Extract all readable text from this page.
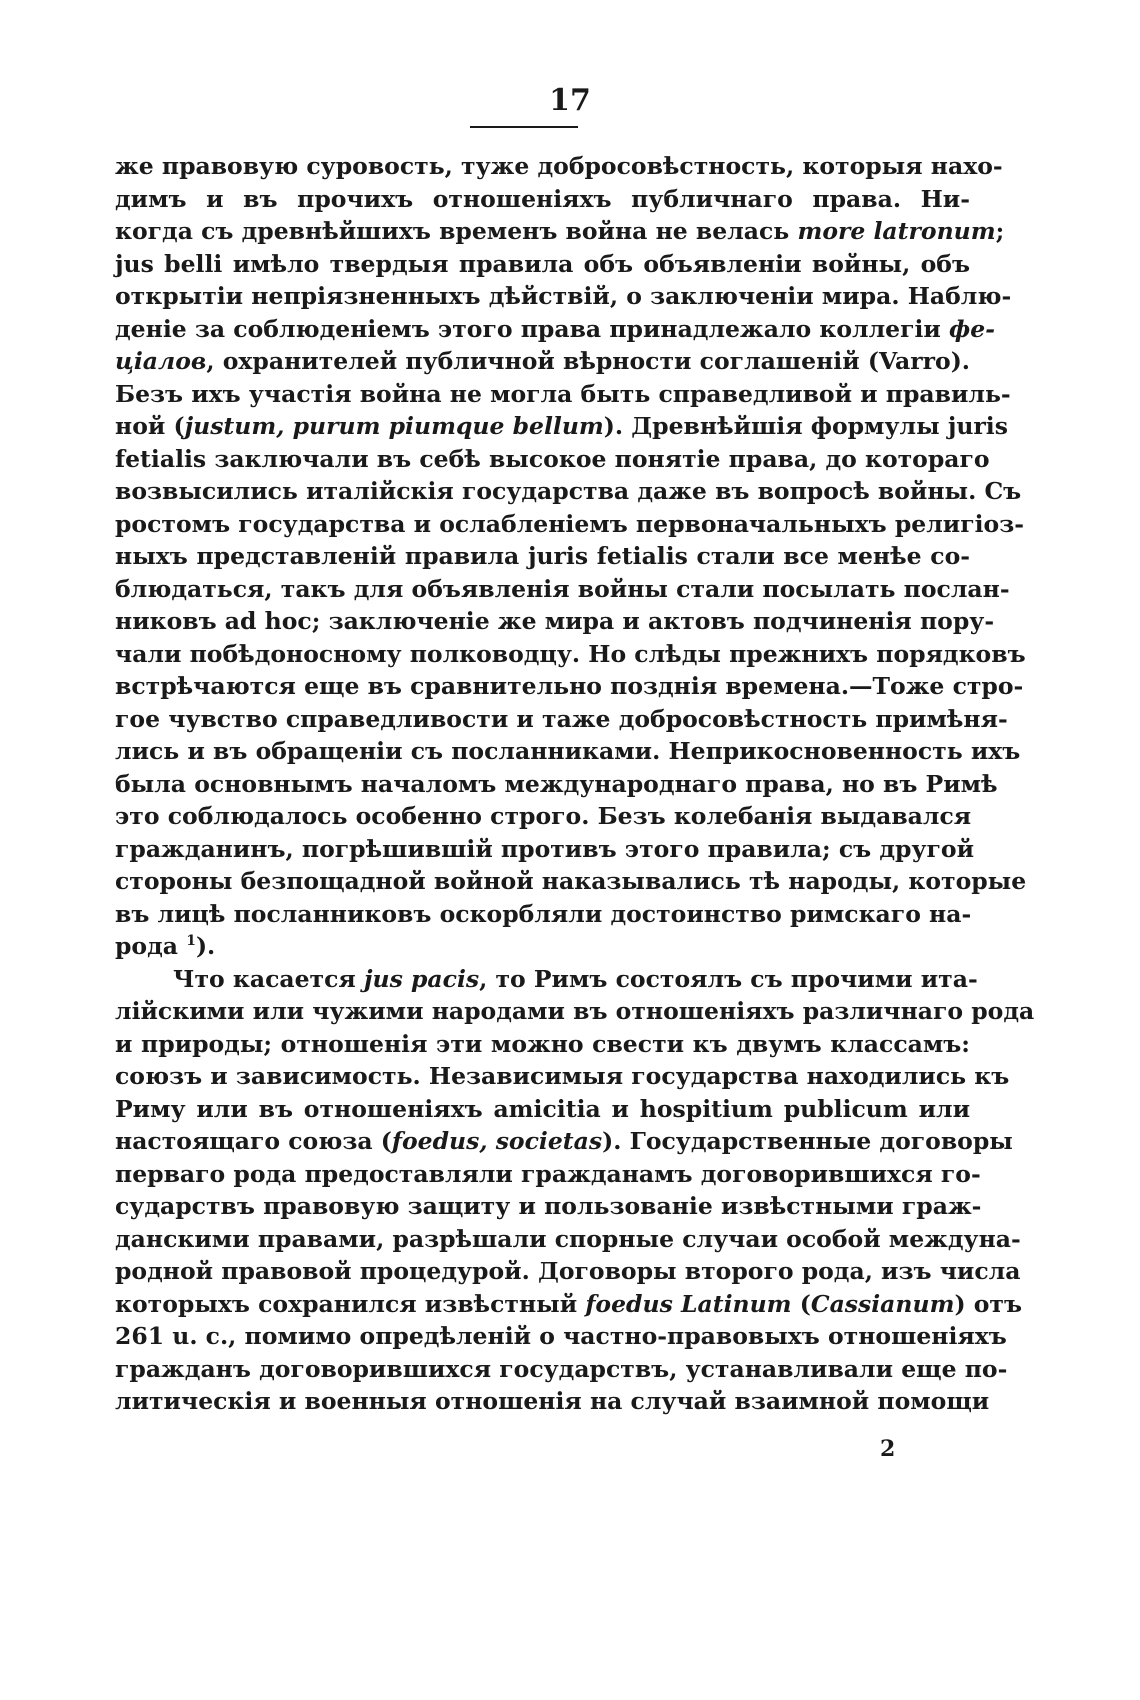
17
же правовую суровость, тужe добросовѣстность, которыя нахо-
димъ и въ прочихъ отношеніяхъ публичнаго права. Ни-
когда съ древнѣйшихъ временъ война не велась more latronum;
jus belli имѣло твердыя правила объ объявленіи войны, объ
открытіи непріязненныхъ дѣйствій, о заключеніи мира. Наблю-
деніе за соблюденіемъ этого права принадлежало коллегіи фе-
ціалов, охранителей публичной вѣрности соглашеній (Varro).
Безъ ихъ участія война не могла быть справедливой и правиль-
ной (justum, purum piumque bellum). Древнѣйшія формулы juris
fetialis заключали въ себѣ высокое понятіе права, до котораго
возвысились италійскія государства даже въ вопросѣ войны. Съ
ростомъ государства и ослабленіемъ первоначальныхъ религіоз-
ныхъ представленій правила juris fetialis стали все менѣе со-
блюдаться, такъ для объявленія войны стали посылать послан-
никовъ ad hoc; заключеніе же мира и актовъ подчиненія пору-
чали побѣдоносному полководцу. Но слѣды прежнихъ порядковъ
встрѣчаются еще въ сравнительно позднія времена.—Тоже стро-
гое чувство справедливости и таже добросовѣстность примѣня-
лись и въ обращеніи съ посланниками. Неприкосновенность ихъ
была основнымъ началомъ международнаго права, но въ Римѣ
это соблюдалось особенно строго. Безъ колебанія выдавался
гражданинъ, погрѣшившій противъ этого правила; съ другой
стороны безпощадной войной наказывались тѣ народы, которые
въ лицѣ посланниковъ оскорбляли достоинство римскаго на-
рода $^1$).
Что касается jus pacis, то Римъ состоялъ съ прочими ита-
лійскими или чужими народами въ отношеніяхъ различнаго рода
и природы; отношенія эти можно свести къ двумъ классамъ:
союзъ и зависимость. Независимыя государства находились къ
Риму или въ отношеніяхъ amicitia и hospitium publicum или
настоящаго союза (foedus, societas). Государственные договоры
перваго рода предоставляли гражданамъ договорившихся го-
сударствъ правовую защиту и пользованіе извѣстными граж-
данскими правами, разрѣшали спорные случаи особой междуна-
родной правовой процедурой. Договоры второго рода, изъ числа
которыхъ сохранился извѣстный foedus Latinum (Cassianum) отъ
261 u. c., помимо опредѣленій о частно-правовыхъ отношеніяхъ
гражданъ договорившихся государствъ, устанавливали еще по-
литическія и военныя отношенія на случай взаимной помощи
2
